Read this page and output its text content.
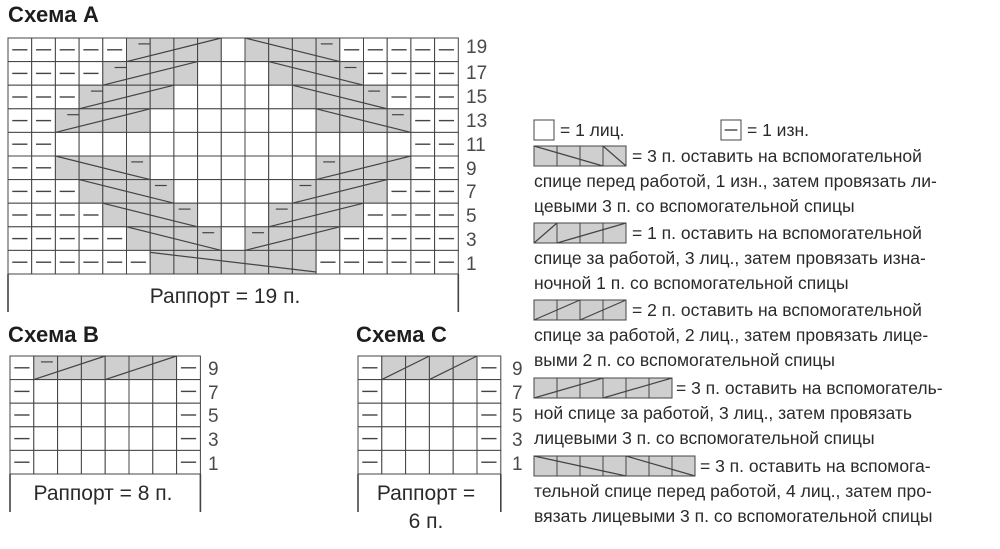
Схема А
Схема В	Схема С
19
17
15
13
11
9
7
5
3
1
9
7
5
3
1
9
7
5
3
1
Раппорт = 19 п.
Раппорт = 8 п.	Раппорт =
6 п.
= 1 лиц.	= 1 изн.
= 3 п. оставить на вспомогательной
спице перед работой, 1 изн., затем провязать ли-
цевыми 3 п. со вспомогательной спицы
= 1 п. оставить на вспомогательной
спице за работой, 3 лиц., затем провязать изна-
ночной 1 п. со вспомогательной спицы
= 2 п. оставить на вспомогательной
спице за работой, 2 лиц., затем провязать лице-
выми 2 п. со вспомогательной спицы
= 3 п. оставить на вспомогатель-
ной спице за работой, 3 лиц., затем провязать
лицевыми 3 п. со вспомогательной спицы
= 3 п. оставить на вспомога-
тельной спице перед работой, 4 лиц., затем про-
вязать лицевыми 3 п. со вспомогательной спицы
